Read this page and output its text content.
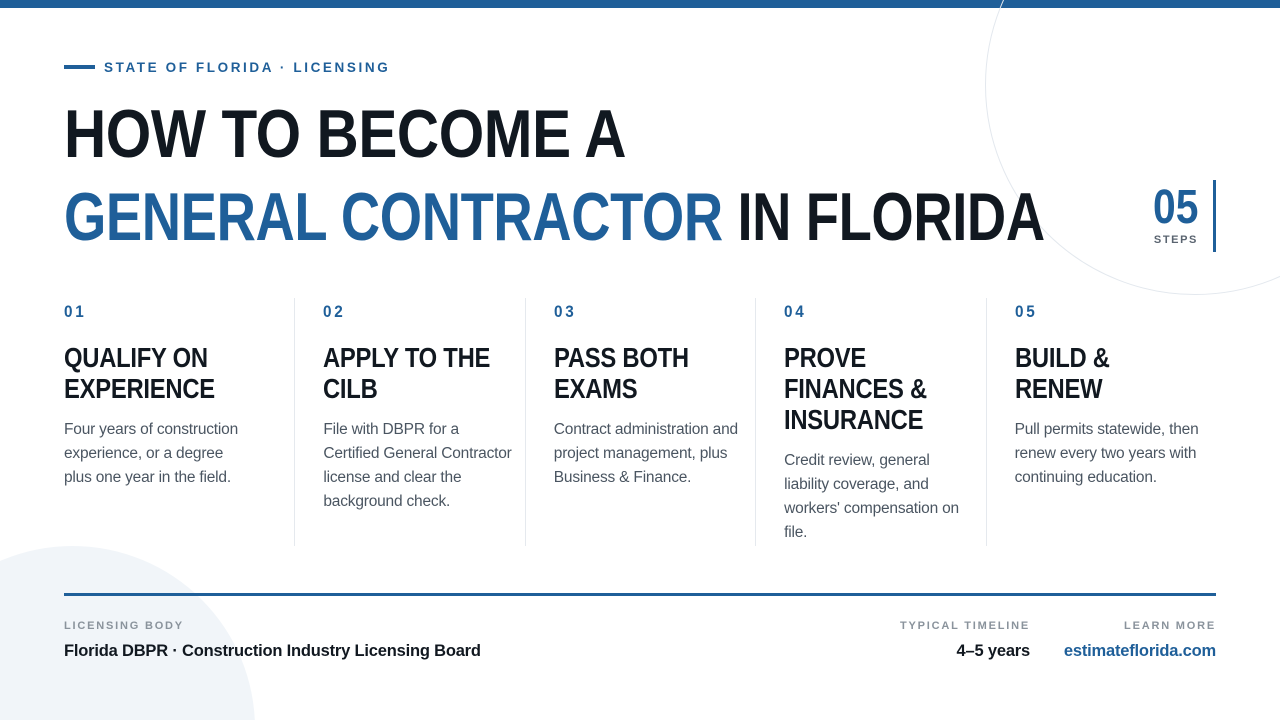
STATE OF FLORIDA · LICENSING
HOW TO BECOME A
GENERAL CONTRACTOR IN FLORIDA 05
STEPS
01
QUALIFY ON EXPERIENCE
Four years of construction experience, or a degree plus one year in the field.
02
APPLY TO THE CILB
File with DBPR for a Certified General Contractor license and clear the background check.
03
PASS BOTH EXAMS
Contract administration and project management, plus Business & Finance.
04
PROVE FINANCES & INSURANCE
Credit review, general liability coverage, and workers' compensation on file.
05
BUILD & RENEW
Pull permits statewide, then renew every two years with continuing education.
LICENSING BODY
Florida DBPR · Construction Industry Licensing Board
TYPICAL TIMELINE
4–5 years
LEARN MORE
estimateflorida.com
